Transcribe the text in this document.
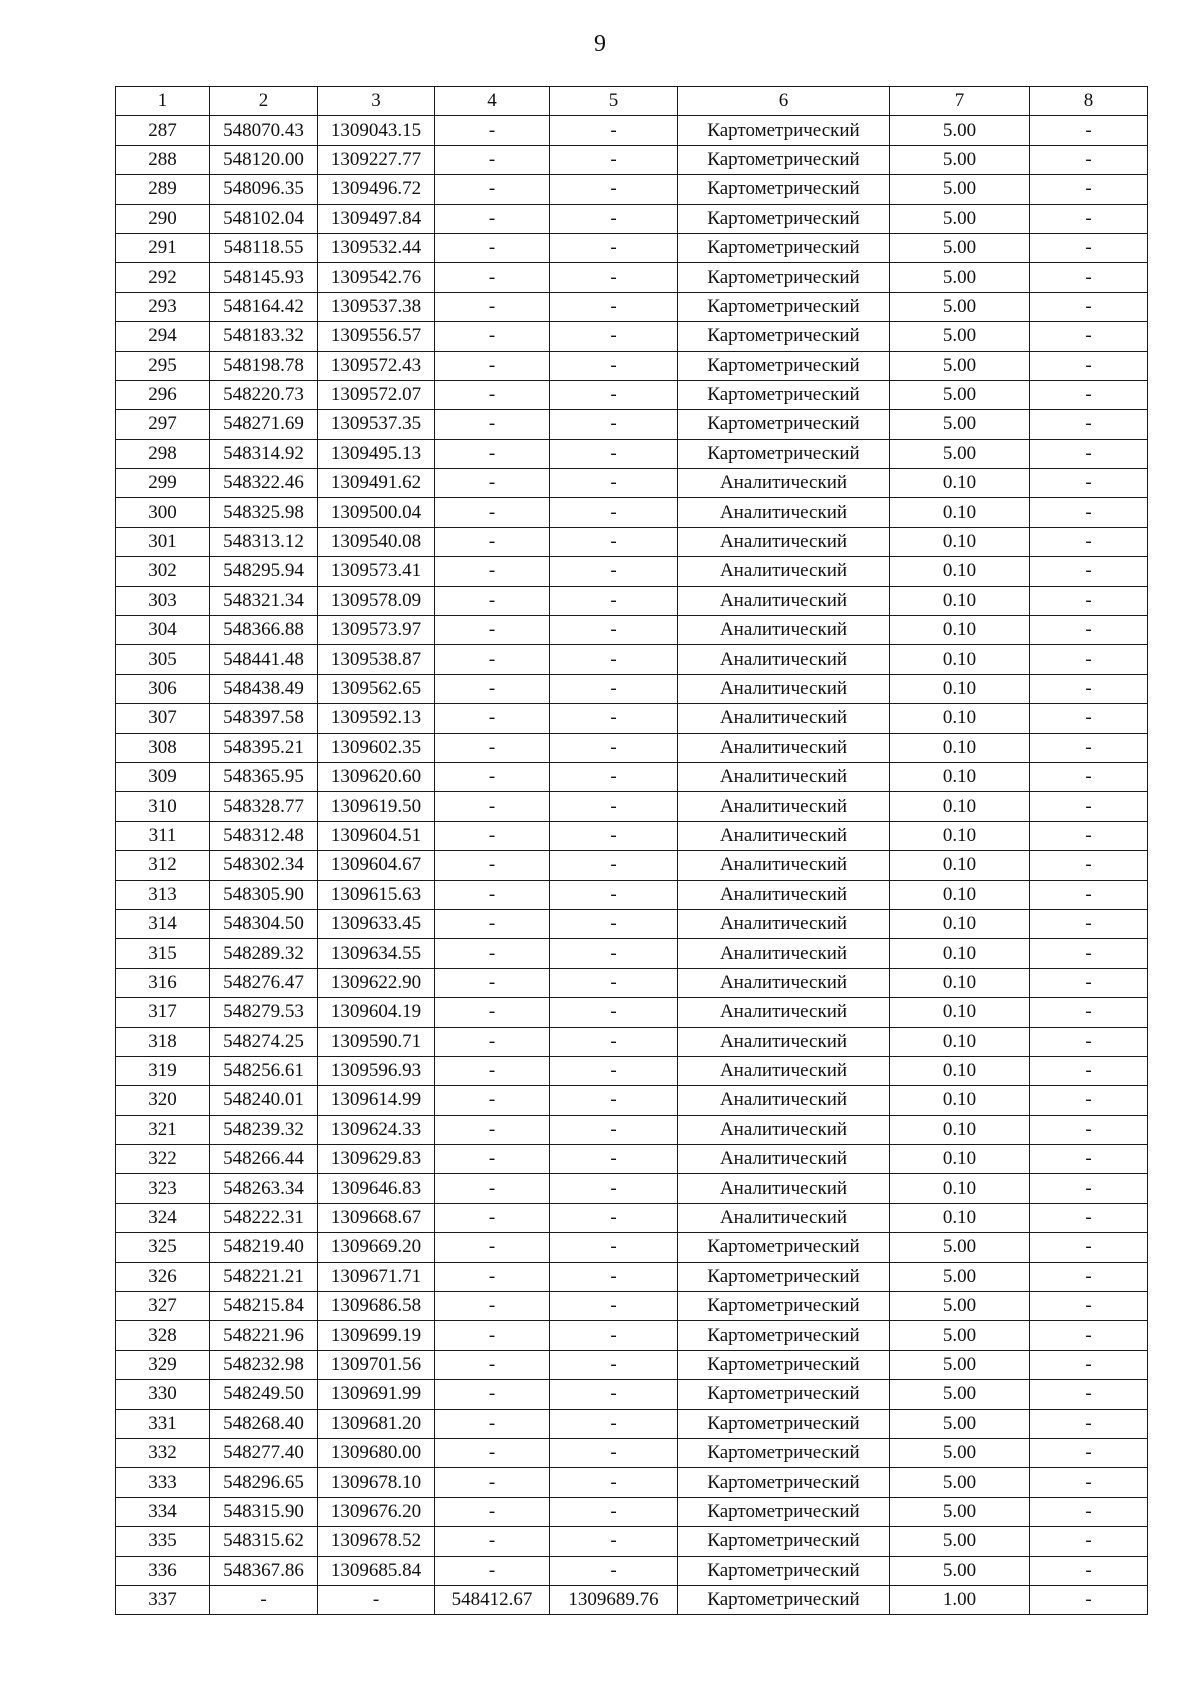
9
1	2	3	4	5	6	7	8
287	548070.43	1309043.15	-	-	Картометрический	5.00	-
288	548120.00	1309227.77	-	-	Картометрический	5.00	-
289	548096.35	1309496.72	-	-	Картометрический	5.00	-
290	548102.04	1309497.84	-	-	Картометрический	5.00	-
291	548118.55	1309532.44	-	-	Картометрический	5.00	-
292	548145.93	1309542.76	-	-	Картометрический	5.00	-
293	548164.42	1309537.38	-	-	Картометрический	5.00	-
294	548183.32	1309556.57	-	-	Картометрический	5.00	-
295	548198.78	1309572.43	-	-	Картометрический	5.00	-
296	548220.73	1309572.07	-	-	Картометрический	5.00	-
297	548271.69	1309537.35	-	-	Картометрический	5.00	-
298	548314.92	1309495.13	-	-	Картометрический	5.00	-
299	548322.46	1309491.62	-	-	Аналитический	0.10	-
300	548325.98	1309500.04	-	-	Аналитический	0.10	-
301	548313.12	1309540.08	-	-	Аналитический	0.10	-
302	548295.94	1309573.41	-	-	Аналитический	0.10	-
303	548321.34	1309578.09	-	-	Аналитический	0.10	-
304	548366.88	1309573.97	-	-	Аналитический	0.10	-
305	548441.48	1309538.87	-	-	Аналитический	0.10	-
306	548438.49	1309562.65	-	-	Аналитический	0.10	-
307	548397.58	1309592.13	-	-	Аналитический	0.10	-
308	548395.21	1309602.35	-	-	Аналитический	0.10	-
309	548365.95	1309620.60	-	-	Аналитический	0.10	-
310	548328.77	1309619.50	-	-	Аналитический	0.10	-
311	548312.48	1309604.51	-	-	Аналитический	0.10	-
312	548302.34	1309604.67	-	-	Аналитический	0.10	-
313	548305.90	1309615.63	-	-	Аналитический	0.10	-
314	548304.50	1309633.45	-	-	Аналитический	0.10	-
315	548289.32	1309634.55	-	-	Аналитический	0.10	-
316	548276.47	1309622.90	-	-	Аналитический	0.10	-
317	548279.53	1309604.19	-	-	Аналитический	0.10	-
318	548274.25	1309590.71	-	-	Аналитический	0.10	-
319	548256.61	1309596.93	-	-	Аналитический	0.10	-
320	548240.01	1309614.99	-	-	Аналитический	0.10	-
321	548239.32	1309624.33	-	-	Аналитический	0.10	-
322	548266.44	1309629.83	-	-	Аналитический	0.10	-
323	548263.34	1309646.83	-	-	Аналитический	0.10	-
324	548222.31	1309668.67	-	-	Аналитический	0.10	-
325	548219.40	1309669.20	-	-	Картометрический	5.00	-
326	548221.21	1309671.71	-	-	Картометрический	5.00	-
327	548215.84	1309686.58	-	-	Картометрический	5.00	-
328	548221.96	1309699.19	-	-	Картометрический	5.00	-
329	548232.98	1309701.56	-	-	Картометрический	5.00	-
330	548249.50	1309691.99	-	-	Картометрический	5.00	-
331	548268.40	1309681.20	-	-	Картометрический	5.00	-
332	548277.40	1309680.00	-	-	Картометрический	5.00	-
333	548296.65	1309678.10	-	-	Картометрический	5.00	-
334	548315.90	1309676.20	-	-	Картометрический	5.00	-
335	548315.62	1309678.52	-	-	Картометрический	5.00	-
336	548367.86	1309685.84	-	-	Картометрический	5.00	-
337	-	-	548412.67	1309689.76	Картометрический	1.00	-
